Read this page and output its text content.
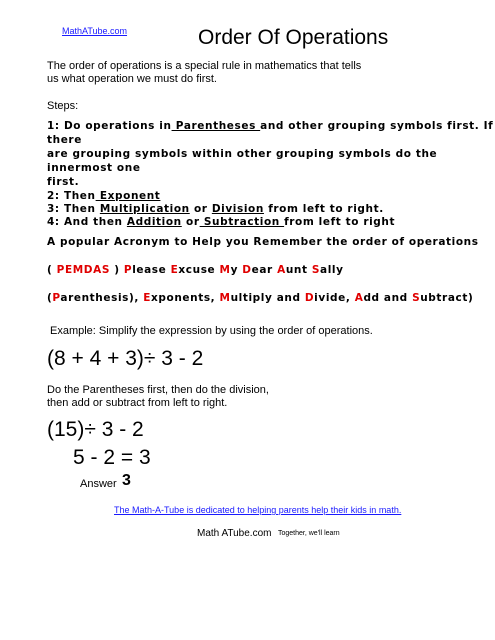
MathATube.com	Order Of Operations
The order of operations is a special rule in mathematics that tells
us what operation we must do first.
Steps:
1: Do operations in Parentheses and other grouping symbols first. If
there
are grouping symbols within other grouping symbols do the
innermost one
first.
2: Then Exponent
3: Then Multiplication or Division from left to right.
4: And then Addition or Subtraction from left to right
A popular Acronym to Help you Remember the order of operations
( PEMDAS ) Please Excuse My Dear Aunt Sally
(Parenthesis), Exponents, Multiply and Divide, Add and Subtract)
Example: Simplify the expression by using the order of operations.
(8 + 4 + 3)÷ 3 - 2
Do the Parentheses first, then do the division,
then add or subtract from left to right.
(15)÷ 3 - 2
5 - 2 = 3
Answer 3
The Math-A-Tube is dedicated to helping parents help their kids in math.
Math ATube.com Together, we'll learn
